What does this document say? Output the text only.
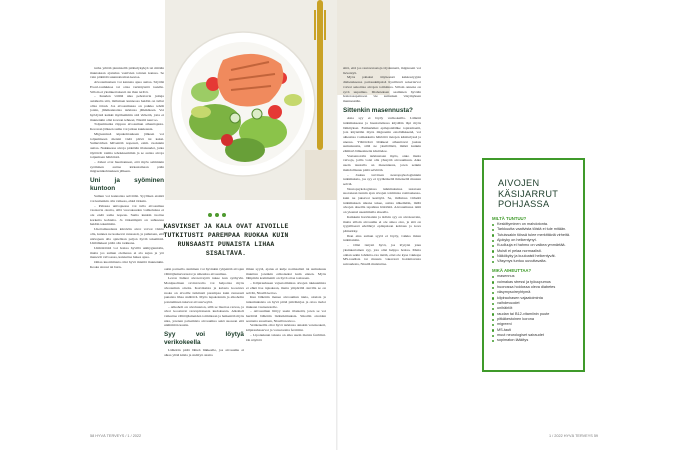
turha yrittää pinnistellä päättelykykyä tai mitään muutakaan ajattelua vaativien tointen kanssa. Se vain pitkittää suunnattoman kestoa.

Aivosumusisen voi kannata apua auttaa. Säyttää Excel-taulukkoa tai ottaa verinäytettä tosielle. Silloin ei yksinkertaisesti ole ihan terävä.

– Kuuden välillä aika pehottavia juttuja asialkalta sitä, millainen kunnossa heidän on tullut ollaa töissä. Jos aivosumussa on paikko tehdä jotain, jälkikannattaa tarkistaa jälkikäteen. Voi hyödyntä kaikki myöhemmin sitä virhettä, jotta ei muutenkin olisi kovaan tehneet, Nissilä neuvoo.

Tolpumisaika riippuu aivosumun aiheuttajasta. Koronan jälkeen sumu voi jatkua kuukausia.

Migreenissä kipukohtauksen jälkeen voi tolpumiseen mennä vielä päivä tai kaksi. Sumuvirhen hälventää nopeasti, esim. ruokakin auttaa. Nukkuessa aivoja pidetään tilaisuudet, jotka täyttävät toimia tehokkaammin ja se auttaa aivoja toipumaan häiriöistä.

– Jotkut ovat huomanneet, että myös salmiakin syöminen auttaa kirkastamaan pään migreenikohtauksen jälkeen.

Uni ja syöminen kuntoon

Sumun voi kannattaa selvittää. Syyllisen etsintä voi kuitenkin olla vaikeaa, ehkä tärkein.

– Pahassa univajeessa voi tulla aivosumua vastaavia oireita, sillä vuorokauden vaihteluissa ei ole enää sama nopeus. Suma kunkin tuottaa korkeita kohteita. Ja tärkeämpää on suhteessa heidän tekemisiin.

Unettomuudesta kärsivän aivot voivat väärin olla, kunnes ne koskevat runsaasti, ja puhutaan, että univajeen alla ajatellaan paljon hyviä tekemisiä. Unilääkkeet pitää olla tarkkana.

Unihäiriöitä voi hoitaa hyvillä unihygienialla, mutta jos sumun olemassa ei ala sujua ja yöt menevät valvoessa, kannattaa hakea apua.

Omaa kuormitusta olisi hyvä miettiä muutenkin. Koska stressi tai burn-

KASVIKSET JA KALA OVAT AIVOILLE TUTKITUSTI PAREMPAA RUOKAA KUIN RUNSAASTI PUNAISTA LIHAA SISÄLTÄVÄ.

outin partaalla oleminen voi hyvinkin tyhjentää aivojen välittäjäainevarastot ja aiheuttaa aivosumua.

Levon lisäksi aivoterveyttä tukee kun syöhyvin. Monipuolinen ravintovalio voi helpottaa myös aivosumun oireita. Kasviksista ja kalasta koostuva ruoka on aivoille tutkitusti parempaa kuin runsaasti punaista lihaa sisältävä. Myös tupakoinnin ja alkoholin poistaminen tukevat aivoterveyttä.

– Alkoholi on aivoluuston, sillä se liuottaa rasvaa, ja aivot koostuvat rasvapitoisesta kudoksesta. Alkoholi vaikuttaa välittäjäaineiden toimintaan ja heikentää myös unta, jotenen palaamista aivosumua sekä suosaan että unihäiriön kautta.

Syy voi löytyä verikokeella

Lääkärin pitää lähteä liikkeelle, jos aivosumu ei alkaa yltää kiisla ja sisältyä oireita

ilman syytä, ajatus ei kulje normaalisti tai sumuisuus muuttuu jotenkin erikoiseksi kuin ennen. Myös lähipiirin kommentit on hyvä ottaa tosissaan.

– Kilpirauhasen vajaatoimintaa aivojen takkuamista ei ehkä itse tajuakaan, mutta ympärillä olevilla se on selvää, Nissilä kertoo.

Kun lääkärin menee aivosumun takia, oireista ja tuntemuksista on hyvä pitää päiväkirjaa ja ottaa tiedot mukaan vastaanotolle.

– Aivosumun liittyy usein tilanteitä, joten se voi herättää lääkärin lisätutkimuksia. Sikoilin oireiden seuranta suositaan, Nissilä neuvoo.

Verikokeilla olisi hyvä tarkistaa ainakin verensokeri, kilpirauhasarvot ja varastoraita ferritiini.

– Liponukuun takana on aika usein matala ferritiini. On näyttöä

siitä, että jos rautavarastoja täydennetä, mignreeni voi lieventyä.

Myös pahaksi äityneessä kakkostyypin diabeteksessa pariasukmpsisä hyuiliverä sokeriarvot voivat sekoittaa aivojen toimintaa. Silloin onnena on syvä uupumus. Diabeteksen saaminen hyvään hoitotasapainoon vie sumuisen väsymyksen mennessään.

Sittenkin masennusta?

Aina syy ei löydy verikokeilla. Lääkäri tutkimuksessa ja haastattelussa käydään läpi myös lääkitykset. Esimerkiksi epilepsialääke topiramaatti, jota käytetään myös migreenin estolääkkeenä, voi aiheuttaa voimakkaita häiriöitä tietojen käsittelyssä ja unessa. Ylättävästi lääkkeet aiheuttavat joskus sumuisuutta, sillä ne yksilöllistä, mitkä kunkin elimistö lääkeaineita käsittelee.

Vastaanotolla tarkistetaan myös, onko muita vaivoja, joilla voisi olla yhteyttä aivosumuun. Aika usein taustalla on masennusta, joten senkin mahdollisuus pitää selvittää.

– Joskus tarvitaan neuropsykologisiakin tutkimuksia, jos syy ei tyydkäisellä ilmeisellä muuten selviä.

Neuropsykologisissa tutkimuksissa testataan suoranaan tunnin ajan aivojen toimintaa rasittaskessa- kuin ne jaksavat kestäytä. Se, millaissa virheitä tutkimuksen aikana tekee, auttaa näkemään, millä aivojen alueilla tapahtuu häiriöitä. Aivosumussa niitä on yleensä useammalla alueella.

Kaikkein harvinaisin ja ikävin syy on aivokasvain, mutta silloin aivosumu ei ole ainoa oire, ja sitä on tyypillisesti edeltänyt epilepsiaan kohtaus ja kova päänsärky.

Ihan aina sumun syytä ei löydy, vaikka miten tutkittaisiin.

– Olisi tietysti hyvä, jos löytyisi joku yksinkertainen syy, jota olisi helppo hoitaa. Mutta onhan sekin lohdutta-vaa tietää, ettei ole kyse vakkapa MS-taudista tai muusta vakavasti hoidettavasta sairaudesta, Nissilä muistuttaa.

AIVOJEN
KÄSIJARRUT
POHJASSA
MILTÄ TUNTUU?
Keskittyminen on mahdotonta.
Tarkkuutta vaativista töistä ei tule mitään.
Tutuissakin töissä tulee merkittäviä virheitä.
Ajokyky on heikentynyt.
Kuulluuja ei hahmo on vaikea ymmärtää.
Muisti ei pelaa normaalisti.
Näkökyky ja kuuloaisti heikentyvät.
Väsymys tuntuu uuvuttavalta.
MIKÄ AIHEUTTAA?
masennus
voimakas stressi ja työuupumus
huonossa hoidossa oleva diabetes
väsymysoireyhtymä
kilpirauhasen vajaatoiminta
vaihdevuodet
unihäiriöt
raudan tai B12-vitamiinin puute
pitkäkestoinen korona
migreeni
MS-tauti
muut neurologiset sairaudet
sopimaton lääkitys
58 HYVÄ TERVEYS / 1 / 2022	1 / 2022 HYVÄ TERVEYS 59
